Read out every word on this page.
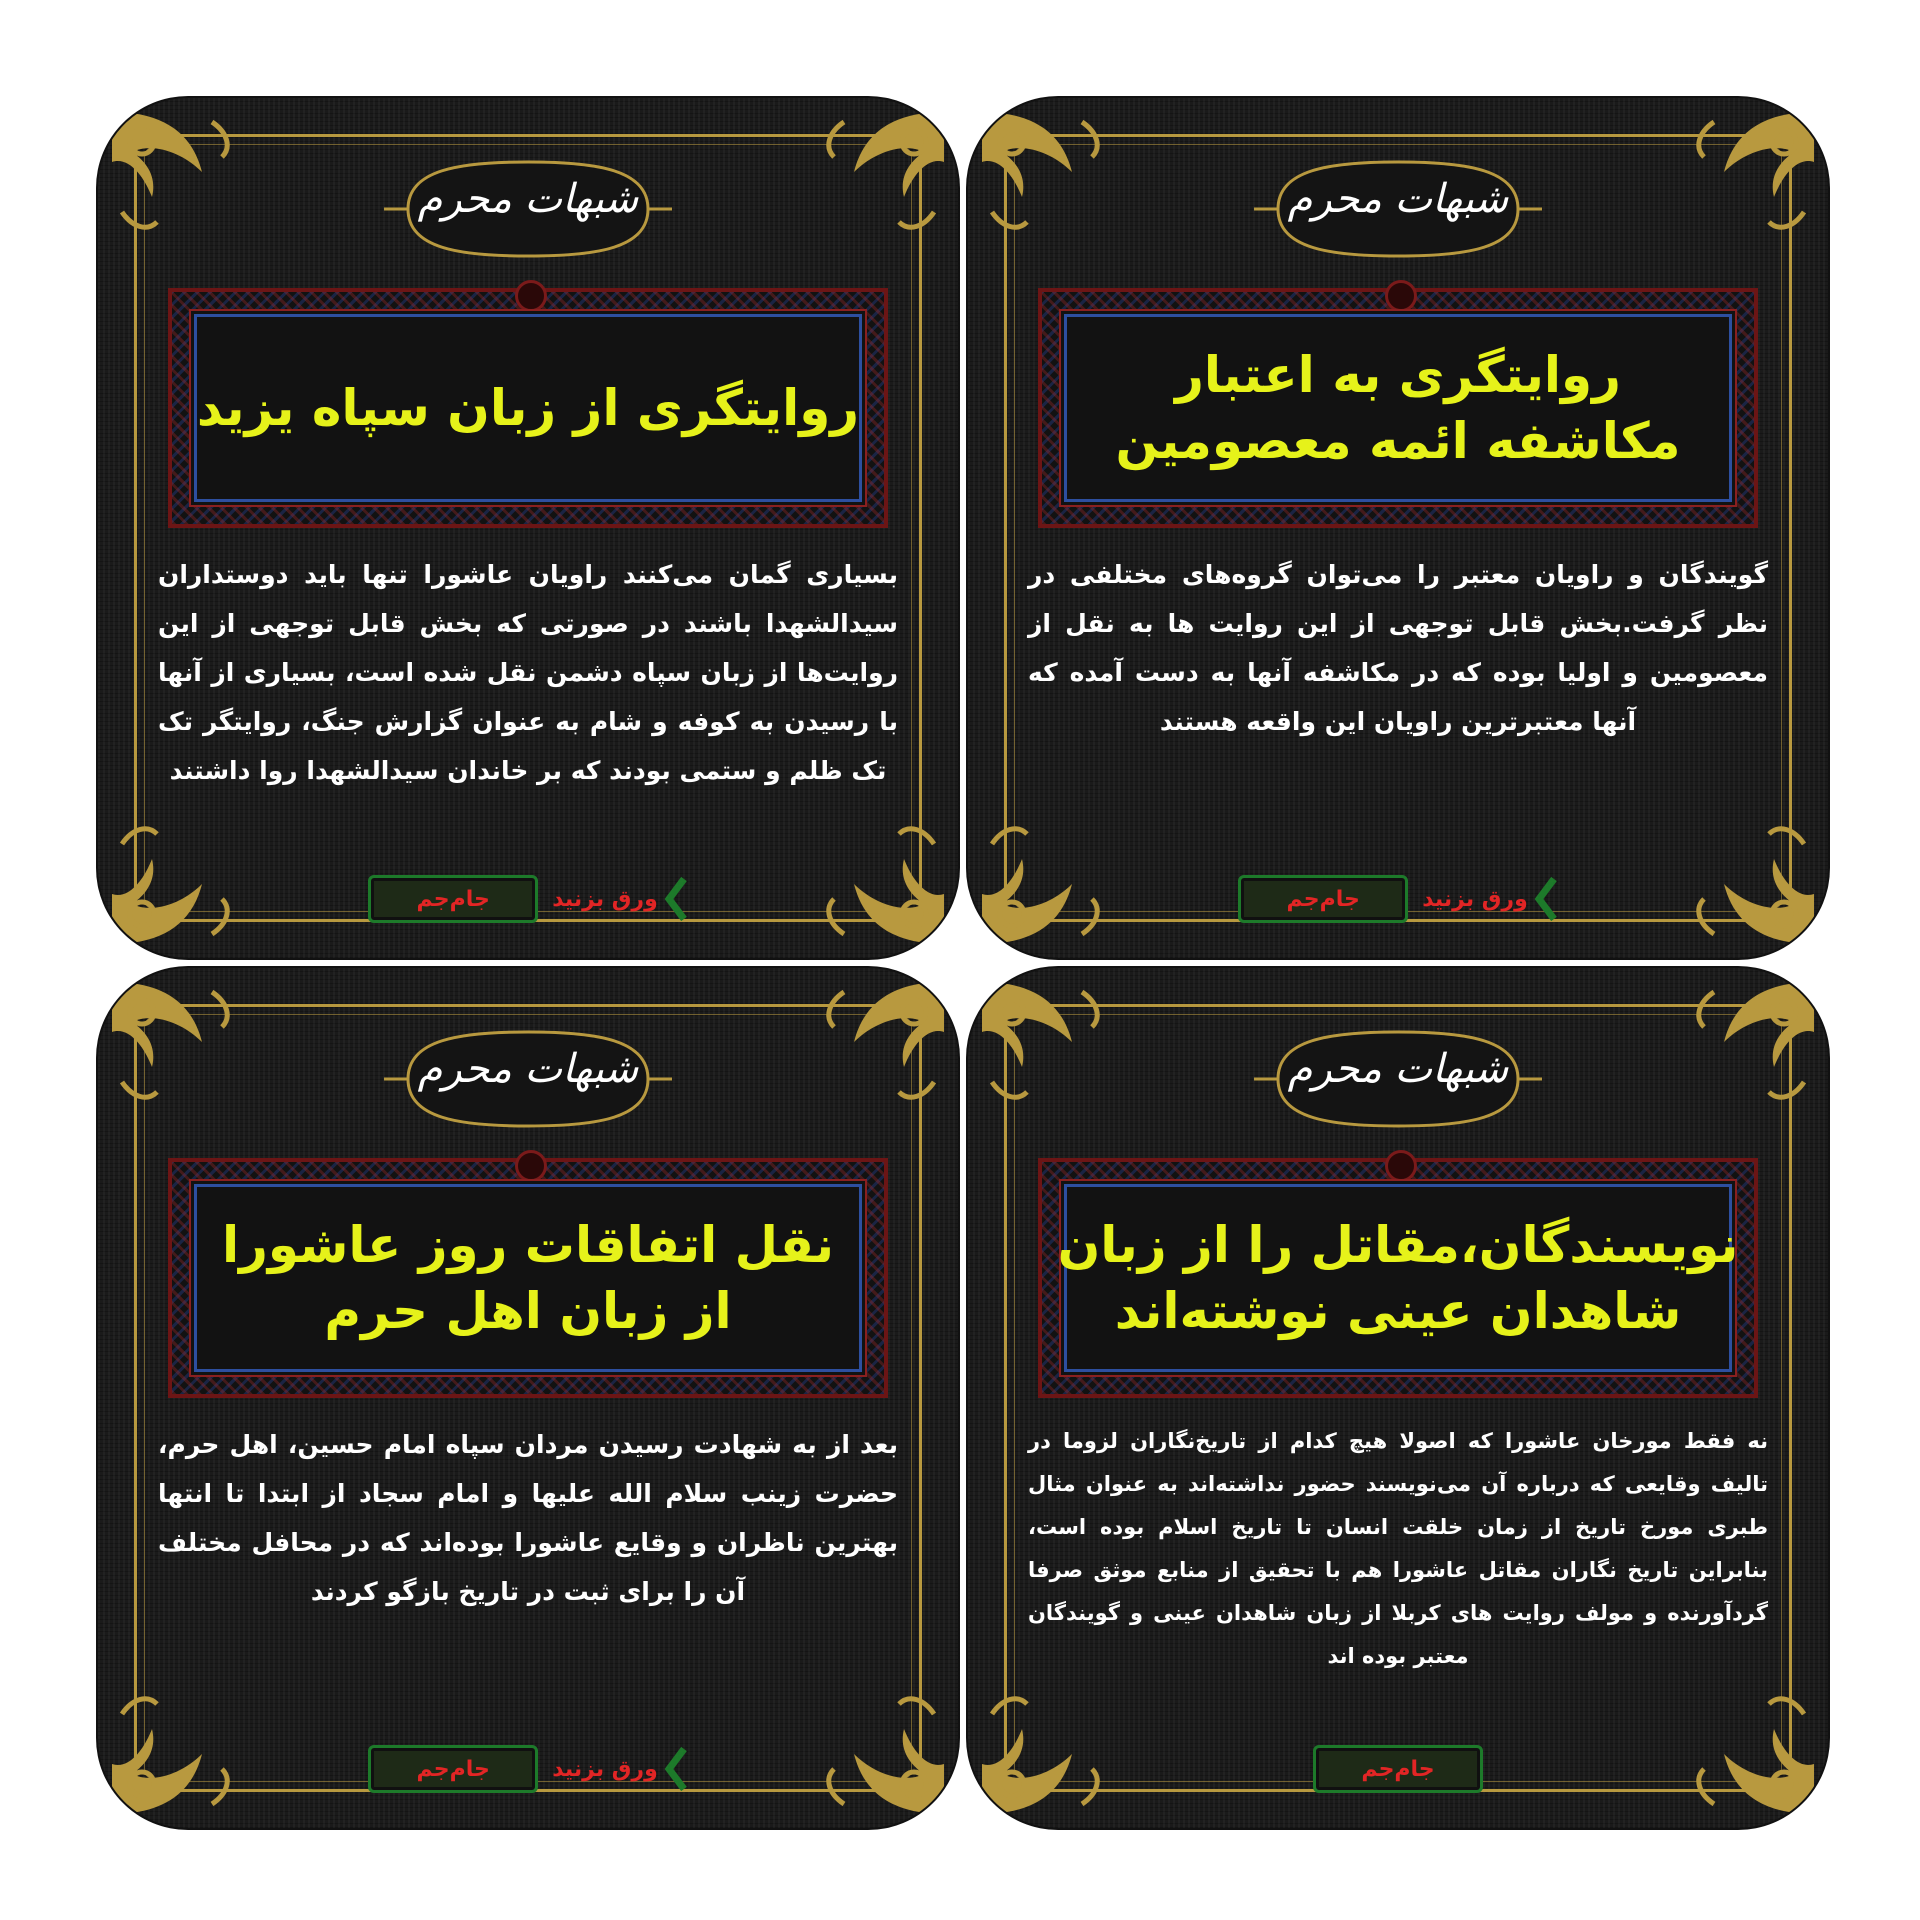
شبهات محرم
روایتگری از زبان سپاه یزید
بسیاری گمان می‌کنند راویان عاشورا تنها باید دوستداران سیدالشهدا باشند در صورتی که بخش قابل توجهی از این روایت‌ها از زبان سپاه دشمن نقل شده است، بسیاری از آنها با رسیدن به کوفه و شام به عنوان گزارش جنگ، روایتگر تک تک ظلم و ستمی بودند که بر خاندان سیدالشهدا روا داشتند
جام‌جم	ورق بزنید
شبهات محرم
روایتگری به اعتبار
مکاشفه ائمه معصومین
گویندگان و راویان معتبر را می‌توان گروه‌های مختلفی در نظر گرفت.بخش قابل توجهی از این روایت ها به نقل از معصومین و اولیا بوده که در مکاشفه آنها به دست آمده که آنها معتبرترین راویان این واقعه هستند
جام‌جم	ورق بزنید
شبهات محرم
نقل اتفاقات روز عاشورا
از زبان اهل حرم
بعد از به شهادت رسیدن مردان سپاه امام حسین، اهل حرم، حضرت زینب سلام الله علیها و امام سجاد از ابتدا تا انتها بهترین ناظران و وقایع عاشورا بوده‌اند که در محافل مختلف آن را برای ثبت در تاریخ بازگو کردند
جام‌جم	ورق بزنید
شبهات محرم
نویسندگان،مقاتل را از زبان
شاهدان عینی نوشته‌اند
نه فقط مورخان عاشورا که اصولا هیچ کدام از تاریخ‌نگاران لزوما در تالیف وقایعی که درباره آن می‌نویسند حضور نداشته‌اند به عنوان مثال طبری مورخ تاریخ از زمان خلقت انسان تا تاریخ اسلام بوده است، بنابراین تاریخ نگاران مقاتل عاشورا هم با تحقیق از منابع موثق صرفا گردآورنده و مولف روایت های کربلا از زبان شاهدان عینی و گویندگان معتبر بوده اند
جام‌جم
